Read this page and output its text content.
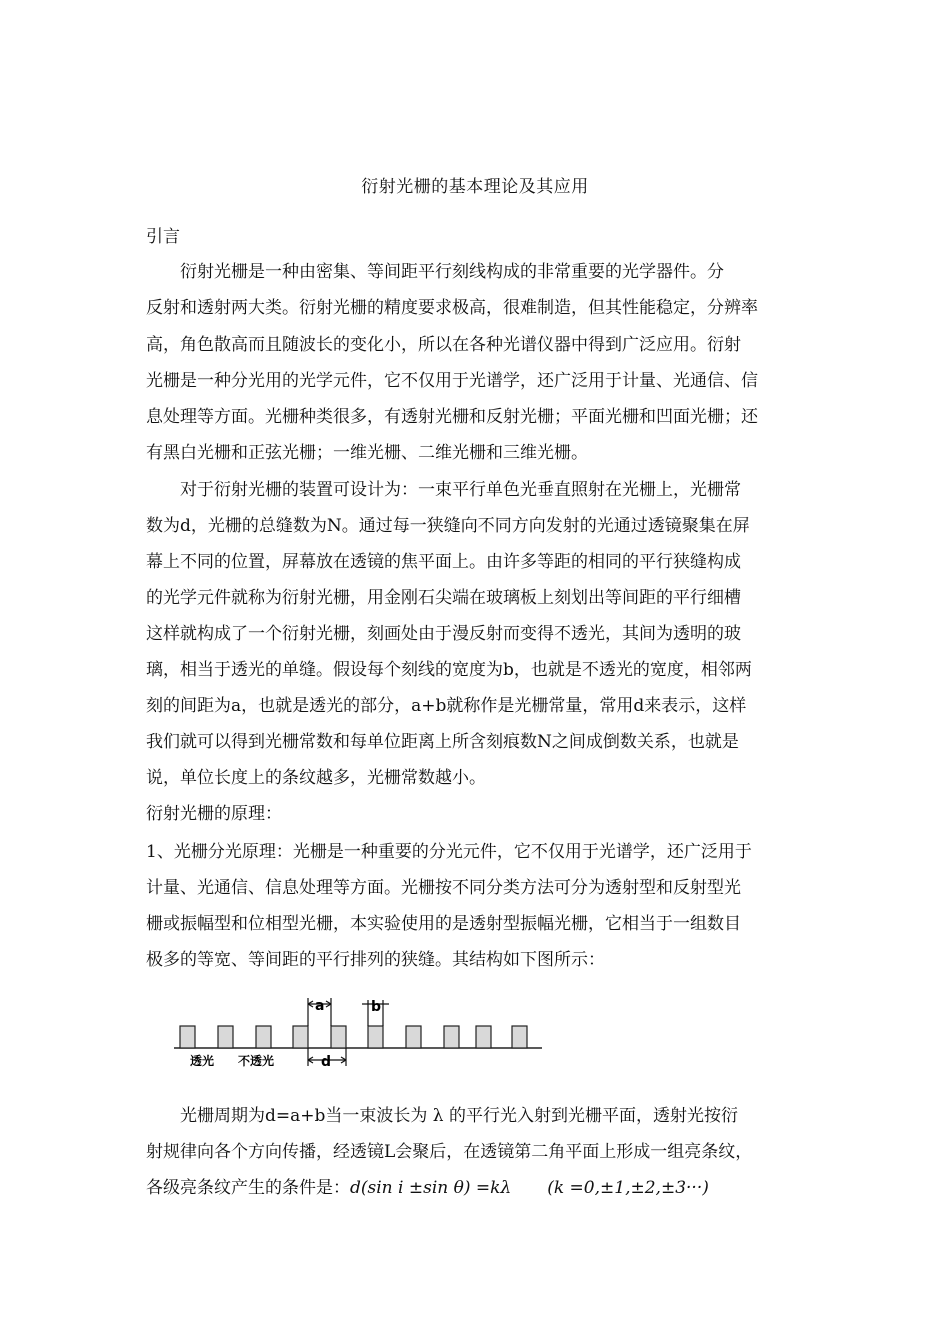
衍射光栅的基本理论及其应用
引言
　　衍射光栅是一种由密集、等间距平行刻线构成的非常重要的光学器件。分
反射和透射两大类。衍射光栅的精度要求极高，很难制造，但其性能稳定，分辨率
高，角色散高而且随波长的变化小，所以在各种光谱仪器中得到广泛应用。衍射
光栅是一种分光用的光学元件，它不仅用于光谱学，还广泛用于计量、光通信、信
息处理等方面。光栅种类很多，有透射光栅和反射光栅；平面光栅和凹面光栅；还
有黑白光栅和正弦光栅；一维光栅、二维光栅和三维光栅。
　　对于衍射光栅的装置可设计为：一束平行单色光垂直照射在光栅上，光栅常
数为d，光栅的总缝数为N。通过每一狭缝向不同方向发射的光通过透镜聚集在屏
幕上不同的位置，屏幕放在透镜的焦平面上。由许多等距的相同的平行狭缝构成
的光学元件就称为衍射光栅，用金刚石尖端在玻璃板上刻划出等间距的平行细槽
这样就构成了一个衍射光栅，刻画处由于漫反射而变得不透光，其间为透明的玻
璃，相当于透光的单缝。假设每个刻线的宽度为b，也就是不透光的宽度，相邻两
刻的间距为a，也就是透光的部分，a+b就称作是光栅常量，常用d来表示，这样
我们就可以得到光栅常数和每单位距离上所含刻痕数N之间成倒数关系，也就是
说，单位长度上的条纹越多，光栅常数越小。
衍射光栅的原理：
1、光栅分光原理：光栅是一种重要的分光元件，它不仅用于光谱学，还广泛用于
计量、光通信、信息处理等方面。光栅按不同分类方法可分为透射型和反射型光
栅或振幅型和位相型光栅，本实验使用的是透射型振幅光栅，它相当于一组数目
极多的等宽、等间距的平行排列的狭缝。其结构如下图所示：
a	b
d
透光 不透光
　　光栅周期为d=a+b当一束波长为 λ 的平行光入射到光栅平面，透射光按衍
射规律向各个方向传播，经透镜L会聚后，在透镜第二角平面上形成一组亮条纹，
各级亮条纹产生的条件是：d(sin i ±sin θ) =kλ (k =0,±1,±2,±3···)
